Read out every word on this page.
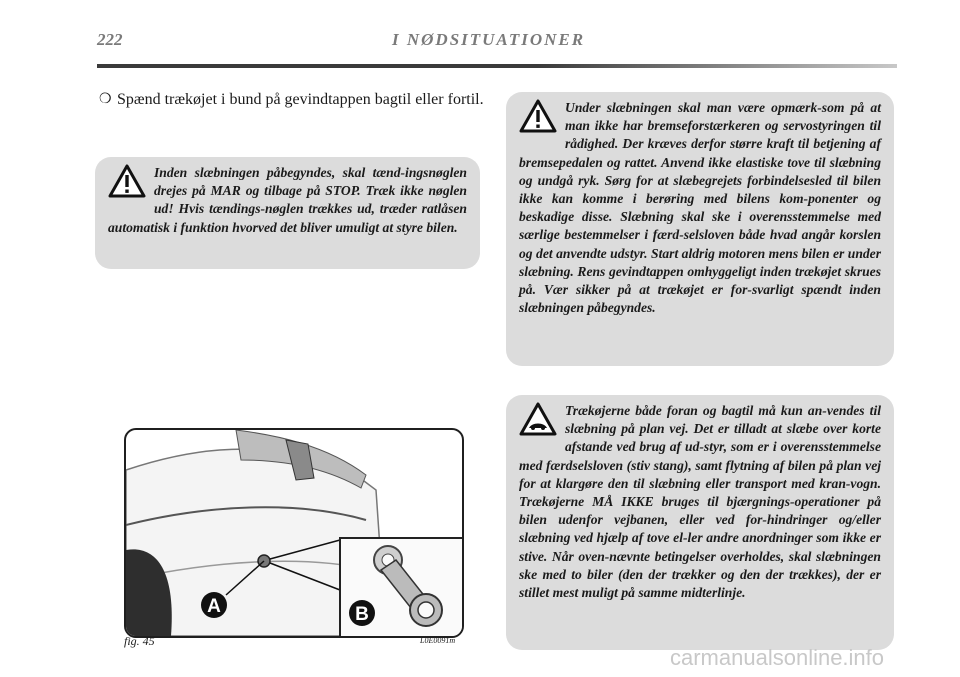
222	I NØDSITUATIONER
❍ Spænd trækøjet i bund på gevindtappen bagtil eller fortil.
Inden slæbningen påbegyndes, skal tænd-ingsnøglen drejes på MAR og tilbage på STOP. Træk ikke nøglen ud! Hvis tændings-nøglen trækkes ud, træder ratlåsen automatisk i funktion hvorved det bliver umuligt at styre bilen.
Under slæbningen skal man være opmærk-som på at man ikke har bremseforstærkeren og servostyringen til rådighed. Der kræves derfor større kraft til betjening af bremsepedalen og rattet. Anvend ikke elastiske tove til slæbning og undgå ryk. Sørg for at slæbegrejets forbindelsesled til bilen ikke kan komme i berøring med bilens kom-ponenter og beskadige disse. Slæbning skal ske i overensstemmelse med særlige bestemmelser i færd-selsloven både hvad angår korslen og det anvendte udstyr. Start aldrig motoren mens bilen er under slæbning. Rens gevindtappen omhyggeligt inden trækøjet skrues på. Vær sikker på at trækøjet er for-svarligt spændt inden slæbningen påbegyndes.
Trækøjerne både foran og bagtil må kun an-vendes til slæbning på plan vej. Det er tilladt at slæbe over korte afstande ved brug af ud-styr, som er i overensstemmelse med færdselsloven (stiv stang), samt flytning af bilen på plan vej for at klargøre den til slæbning eller transport med kran-vogn. Trækøjerne MÅ IKKE bruges til bjærgnings-operationer på bilen udenfor vejbanen, eller ved for-hindringer og/eller slæbning ved hjælp af tove el-ler andre anordninger som ikke er stive. Når oven-nævnte betingelser overholdes, skal slæbningen ske med to biler (den der trækker og den der trækkes), der er stillet mest muligt på samme midterlinje.
A	B
fig. 45	L0E0091m
carmanualsonline.info
